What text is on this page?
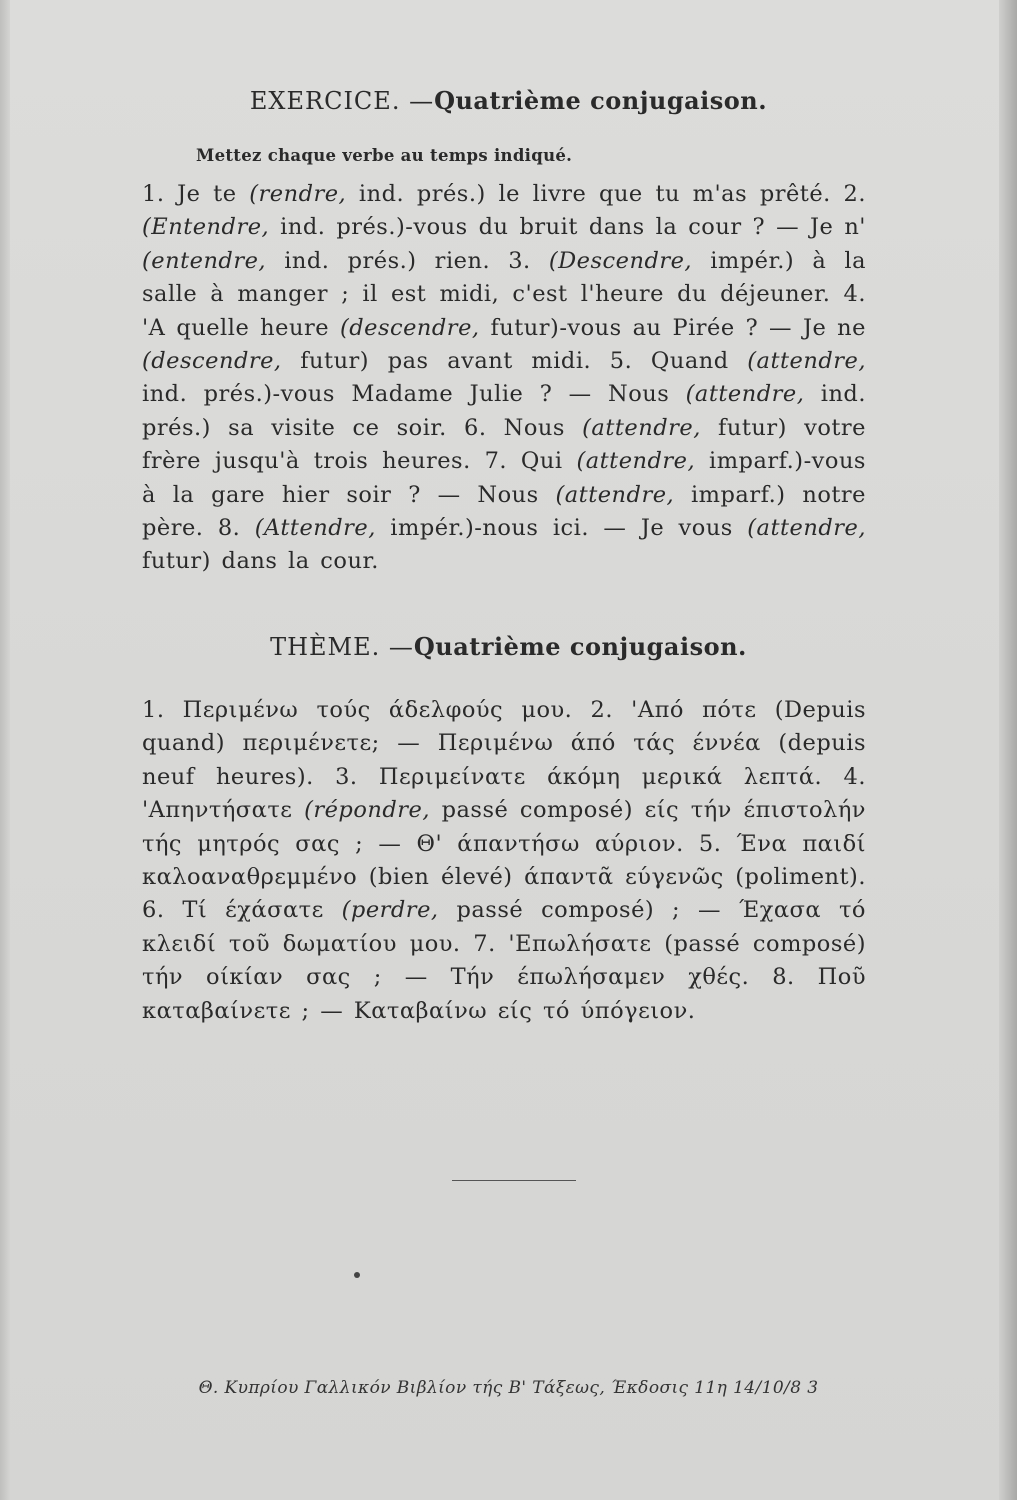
EXERCICE. —Quatrième conjugaison.
Mettez chaque verbe au temps indiqué.
1. Je te (rendre, ind. prés.) le livre que tu m'as prêté. 2. (Entendre, ind. prés.)-vous du bruit dans la cour ? — Je n' (entendre, ind. prés.) rien. 3. (Descendre, impér.) à la salle à manger ; il est midi, c'est l'heure du déjeuner. 4. 'A quelle heure (descendre, futur)-vous au Pirée ? — Je ne (descendre, futur) pas avant midi. 5. Quand (attendre, ind. prés.)-vous Madame Julie ? — Nous (attendre, ind. prés.) sa visite ce soir. 6. Nous (attendre, futur) votre frère jusqu'à trois heures. 7. Qui (attendre, imparf.)-vous à la gare hier soir ? — Nous (attendre, imparf.) notre père. 8. (Attendre, impér.)-nous ici. — Je vous (attendre, futur) dans la cour.
THÈME. —Quatrième conjugaison.
1. Περιμένω τούς άδελφούς μου. 2. 'Από πότε (Depuis quand) περιμένετε; — Περιμένω άπό τάς έννέα (depuis neuf heures). 3. Περιμείνατε άκόμη μερικά λεπτά. 4. 'Απηντήσατε (répondre, passé composé) είς τήν έπιστολήν τής μητρός σας ; — Θ' άπαντήσω αύριον. 5. Ένα παιδί καλοαναθρεμμένο (bien élevé) άπαντᾶ εύγενῶς (poliment). 6. Τί έχάσατε (perdre, passé composé) ; — Έχασα τό κλειδί τοῦ δωματίου μου. 7. 'Επωλήσατε (passé composé) τήν οίκίαν σας ; — Τήν έπωλήσαμεν χθές. 8. Ποῦ καταβαίνετε ; — Καταβαίνω είς τό ύπόγειον.
Θ. Κυπρίου Γαλλικόν Βιβλίον τής Β' Τάξεως, Έκδοσις 11η 14/10/8 3
